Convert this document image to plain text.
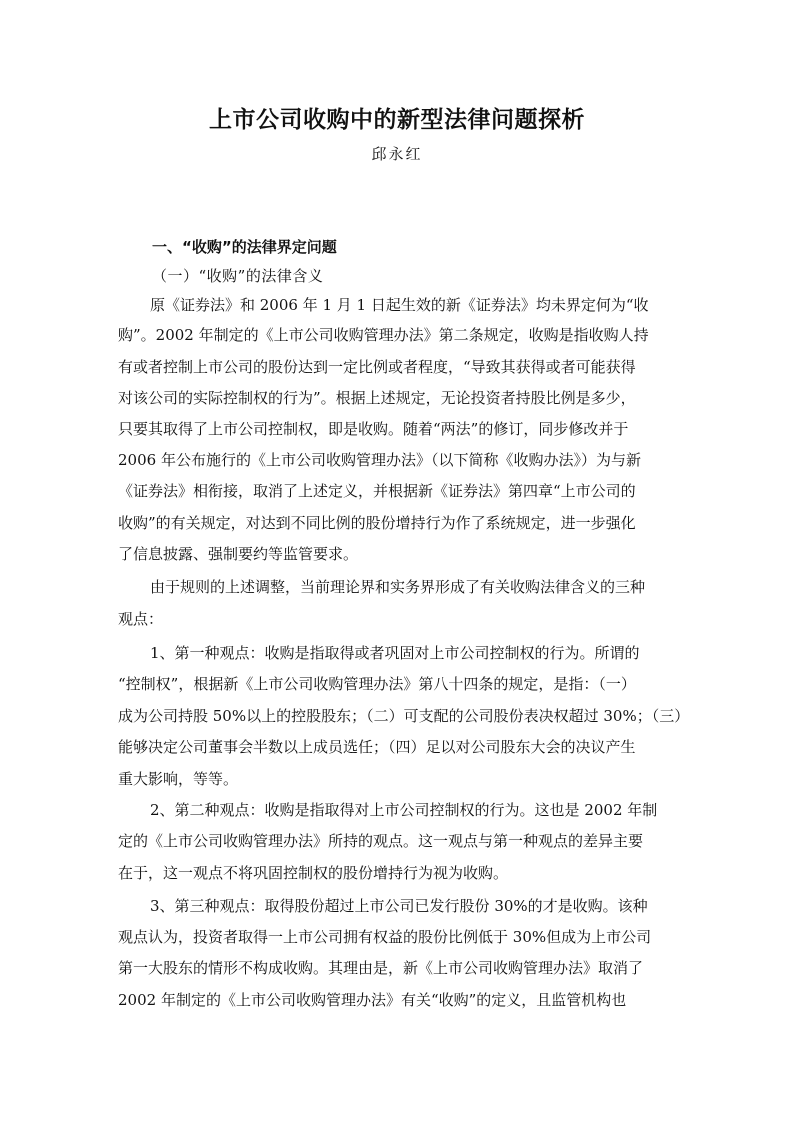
上市公司收购中的新型法律问题探析
邱永红
一、“收购”的法律界定问题
（一）“收购”的法律含义
原《证券法》和 2006 年 1 月 1 日起生效的新《证券法》均未界定何为“收
购”。2002 年制定的《上市公司收购管理办法》第二条规定，收购是指收购人持
有或者控制上市公司的股份达到一定比例或者程度，“导致其获得或者可能获得
对该公司的实际控制权的行为”。根据上述规定，无论投资者持股比例是多少，
只要其取得了上市公司控制权，即是收购。随着“两法”的修订，同步修改并于
2006 年公布施行的《上市公司收购管理办法》（以下简称《收购办法》）为与新
《证券法》相衔接，取消了上述定义，并根据新《证券法》第四章“上市公司的
收购”的有关规定，对达到不同比例的股份增持行为作了系统规定，进一步强化
了信息披露、强制要约等监管要求。
由于规则的上述调整，当前理论界和实务界形成了有关收购法律含义的三种
观点：
1、第一种观点：收购是指取得或者巩固对上市公司控制权的行为。所谓的
“控制权”，根据新《上市公司收购管理办法》第八十四条的规定，是指：（一）
成为公司持股 50%以上的控股股东；（二）可支配的公司股份表决权超过 30%；（三）
能够决定公司董事会半数以上成员选任；（四）足以对公司股东大会的决议产生
重大影响，等等。
2、第二种观点：收购是指取得对上市公司控制权的行为。这也是 2002 年制
定的《上市公司收购管理办法》所持的观点。这一观点与第一种观点的差异主要
在于，这一观点不将巩固控制权的股份增持行为视为收购。
3、第三种观点：取得股份超过上市公司已发行股份 30%的才是收购。该种
观点认为，投资者取得一上市公司拥有权益的股份比例低于 30%但成为上市公司
第一大股东的情形不构成收购。其理由是，新《上市公司收购管理办法》取消了
2002 年制定的《上市公司收购管理办法》有关“收购”的定义，且监管机构也
